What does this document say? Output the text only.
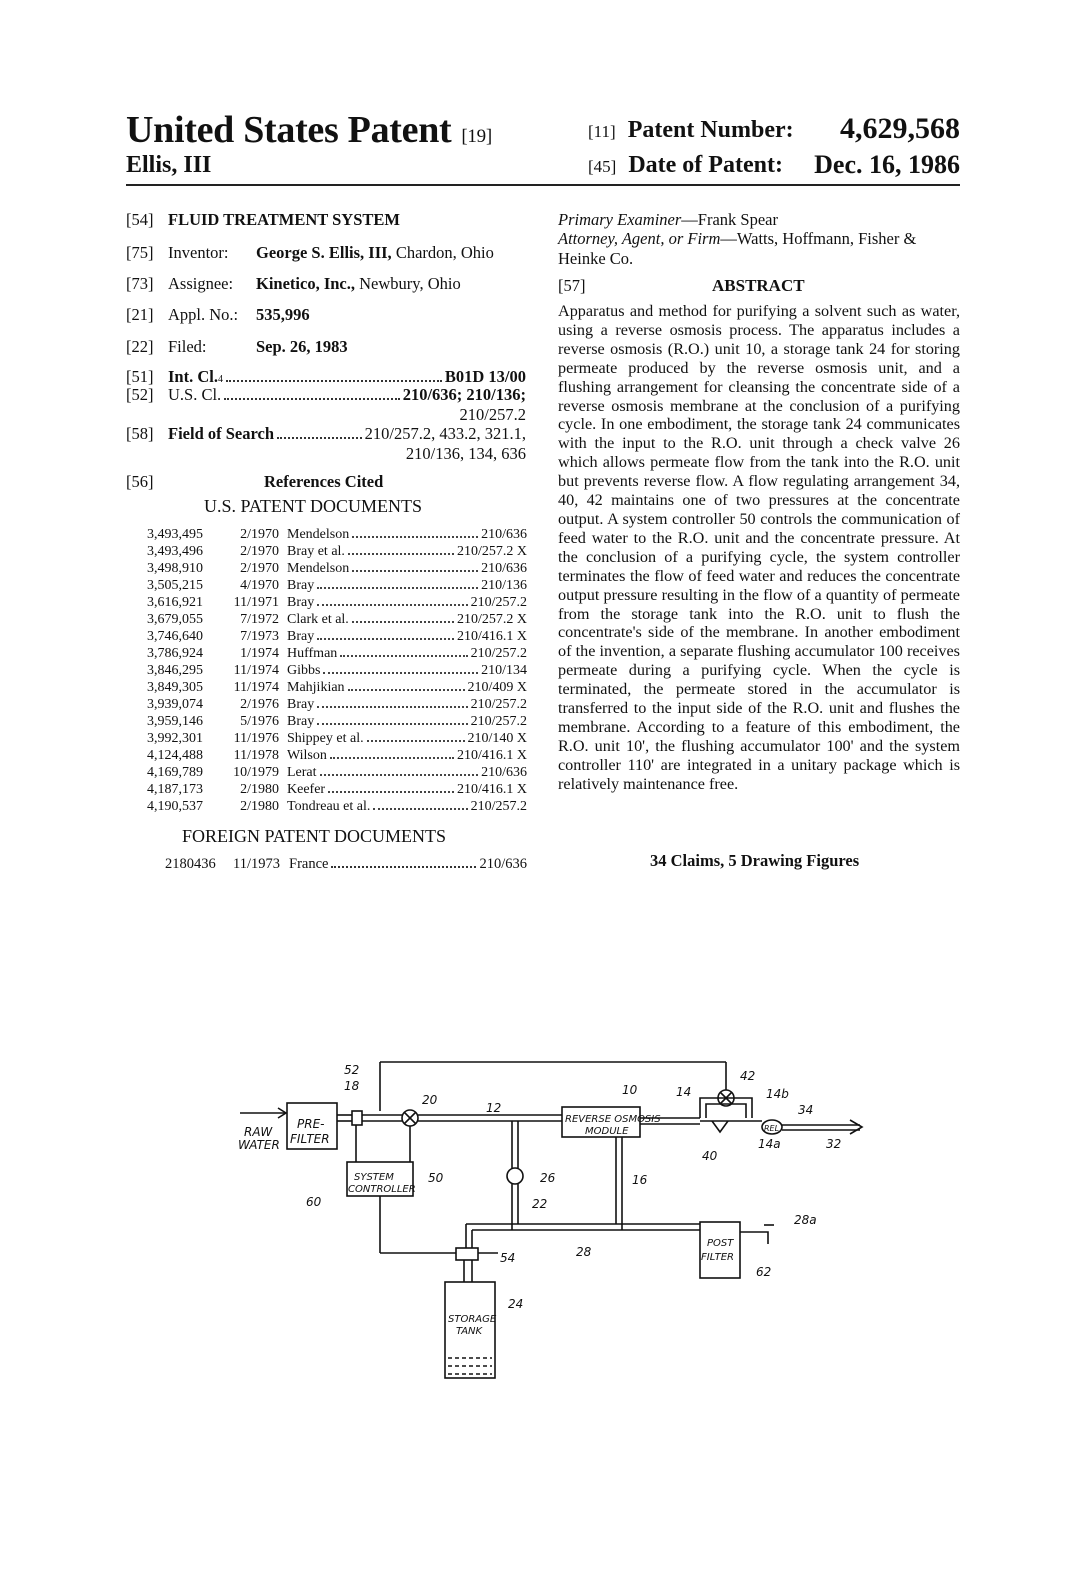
United States Patent [19]
Ellis, III
[11] Patent Number:	4,629,568
[45] Date of Patent:	Dec. 16, 1986
[54] FLUID TREATMENT SYSTEM
[75] Inventor: George S. Ellis, III, Chardon, Ohio
[73] Assignee: Kinetico, Inc., Newbury, Ohio
[21] Appl. No.: 535,996
[22] Filed:	Sep. 26, 1983
[51] Int. Cl. 4	B01D 13/00
[52] U.S. Cl.	210/636; 210/136;
210/257.2
[58] Field of Search	210/257.2, 433.2, 321.1,
210/136, 134, 636
[56]	References Cited
U.S. PATENT DOCUMENTS
3,493,495	2/1970 Mendelson	210/636
3,493,496	2/1970 Bray et al.	210/257.2 X
3,498,910	2/1970 Mendelson	210/636
3,505,215	4/1970 Bray	210/136
3,616,921	11/1971 Bray	210/257.2
3,679,055	7/1972 Clark et al.	210/257.2 X
3,746,640	7/1973 Bray	210/416.1 X
3,786,924	1/1974 Huffman	210/257.2
3,846,295	11/1974 Gibbs	210/134
3,849,305	11/1974 Mahjikian	210/409 X
3,939,074	2/1976 Bray	210/257.2
3,959,146	5/1976 Bray	210/257.2
3,992,301	11/1976 Shippey et al.	210/140 X
4,124,488	11/1978 Wilson	210/416.1 X
4,169,789	10/1979 Lerat	210/636
4,187,173	2/1980 Keefer	210/416.1 X
4,190,537	2/1980 Tondreau et al.	210/257.2
FOREIGN PATENT DOCUMENTS
2180436	11/1973 France	210/636
Primary Examiner—Frank Spear
Attorney, Agent, or Firm—Watts, Hoffmann, Fisher &
Heinke Co.
[57]	ABSTRACT
Apparatus and method for purifying a solvent such as water, using a reverse osmosis process. The apparatus includes a reverse osmosis (R.O.) unit 10, a storage tank 24 for storing permeate produced by the reverse osmosis unit, and a flushing arrangement for cleansing the concentrate side of a reverse osmosis membrane at the conclusion of a purifying cycle. In one embodiment, the storage tank 24 communicates with the input to the R.O. unit through a check valve 26 which allows permeate flow from the tank into the R.O. unit but prevents reverse flow. A flow regulating arrangement 34, 40, 42 maintains one of two pressures at the concentrate output. A system controller 50 controls the communication of feed water to the R.O. unit and the concentrate pressure. At the conclusion of a purifying cycle, the system controller terminates the flow of feed water and reduces the concentrate output pressure resulting in the flow of a quantity of permeate from the storage tank into the R.O. unit to flush the concentrate's side of the membrane. In another embodiment of the invention, a separate flushing accumulator 100 receives permeate during a purifying cycle. When the cycle is terminated, the permeate stored in the accumulator is transferred to the input side of the R.O. unit and flushes the membrane. According to a feature of this embodiment, the R.O. unit 10', the flushing accumulator 100' and the system controller 110' are integrated in a unitary package which is relatively maintenance free.
34 Claims, 5 Drawing Figures
RAW
WATER
PRE-
FILTER
SYSTEM
CONTROLLER
REVERSE OSMOSIS
MODULE
POST
FILTER
STORAGE
TANK
REL
10
12
14
14a
14b
16
18
20
22
24
26
28
28a
32
34
40
42
50
52
54
60
62
